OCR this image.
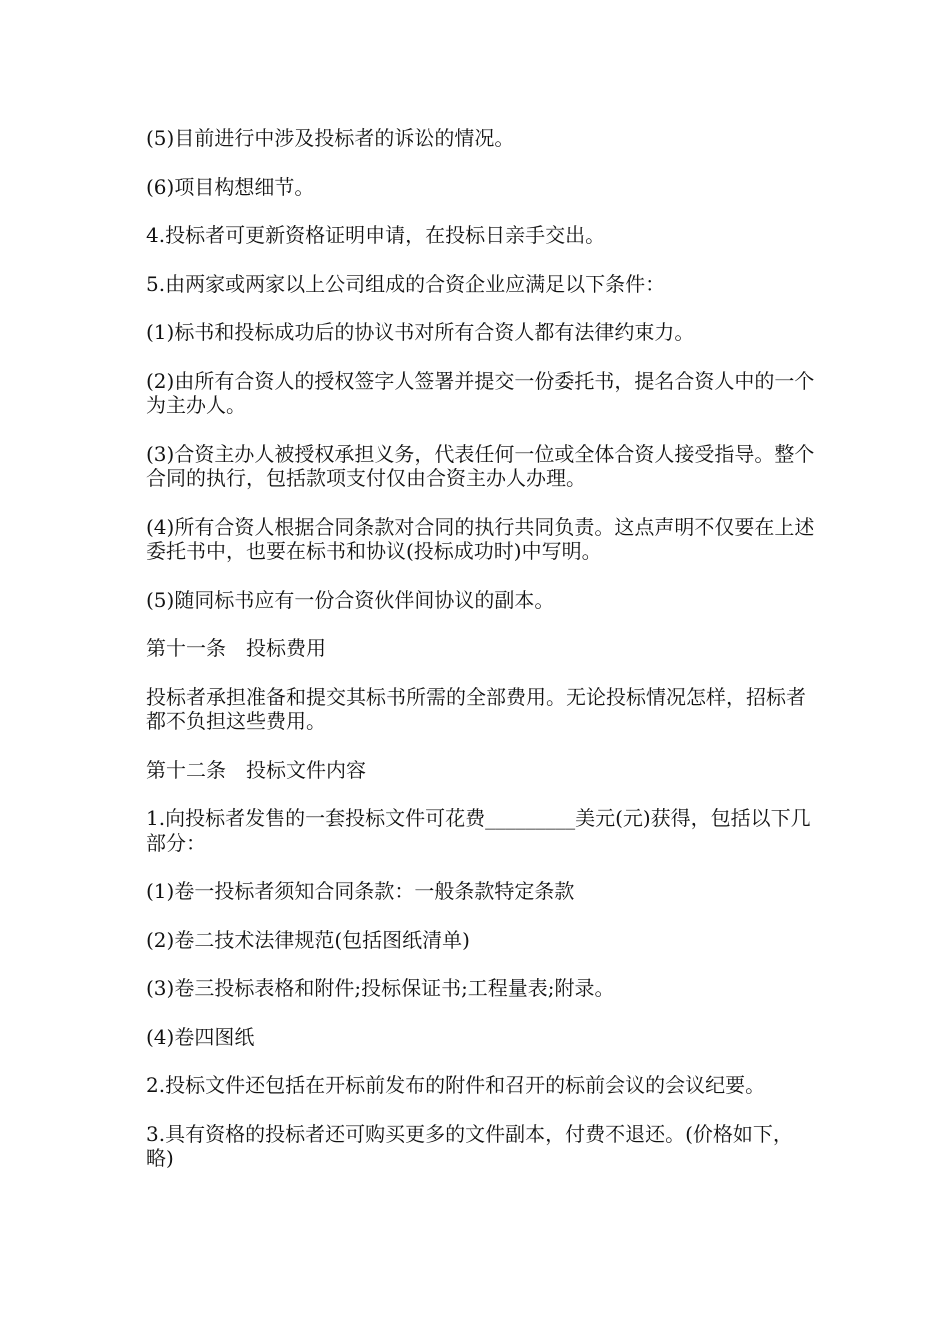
(5)目前进行中涉及投标者的诉讼的情况。

(6)项目构想细节。

4.投标者可更新资格证明申请，在投标日亲手交出。

5.由两家或两家以上公司组成的合资企业应满足以下条件：

(1)标书和投标成功后的协议书对所有合资人都有法律约束力。

(2)由所有合资人的授权签字人签署并提交一份委托书，提名合资人中的一个为主办人。

(3)合资主办人被授权承担义务，代表任何一位或全体合资人接受指导。整个合同的执行，包括款项支付仅由合资主办人办理。

(4)所有合资人根据合同条款对合同的执行共同负责。这点声明不仅要在上述委托书中，也要在标书和协议(投标成功时)中写明。

(5)随同标书应有一份合资伙伴间协议的副本。

第十一条　投标费用

投标者承担准备和提交其标书所需的全部费用。无论投标情况怎样，招标者都不负担这些费用。

第十二条　投标文件内容

1.向投标者发售的一套投标文件可花费_________美元(元)获得，包括以下几部分：

(1)卷一投标者须知合同条款：一般条款特定条款

(2)卷二技术法律规范(包括图纸清单)

(3)卷三投标表格和附件;投标保证书;工程量表;附录。

(4)卷四图纸

2.投标文件还包括在开标前发布的附件和召开的标前会议的会议纪要。

3.具有资格的投标者还可购买更多的文件副本，付费不退还。(价格如下，略)
